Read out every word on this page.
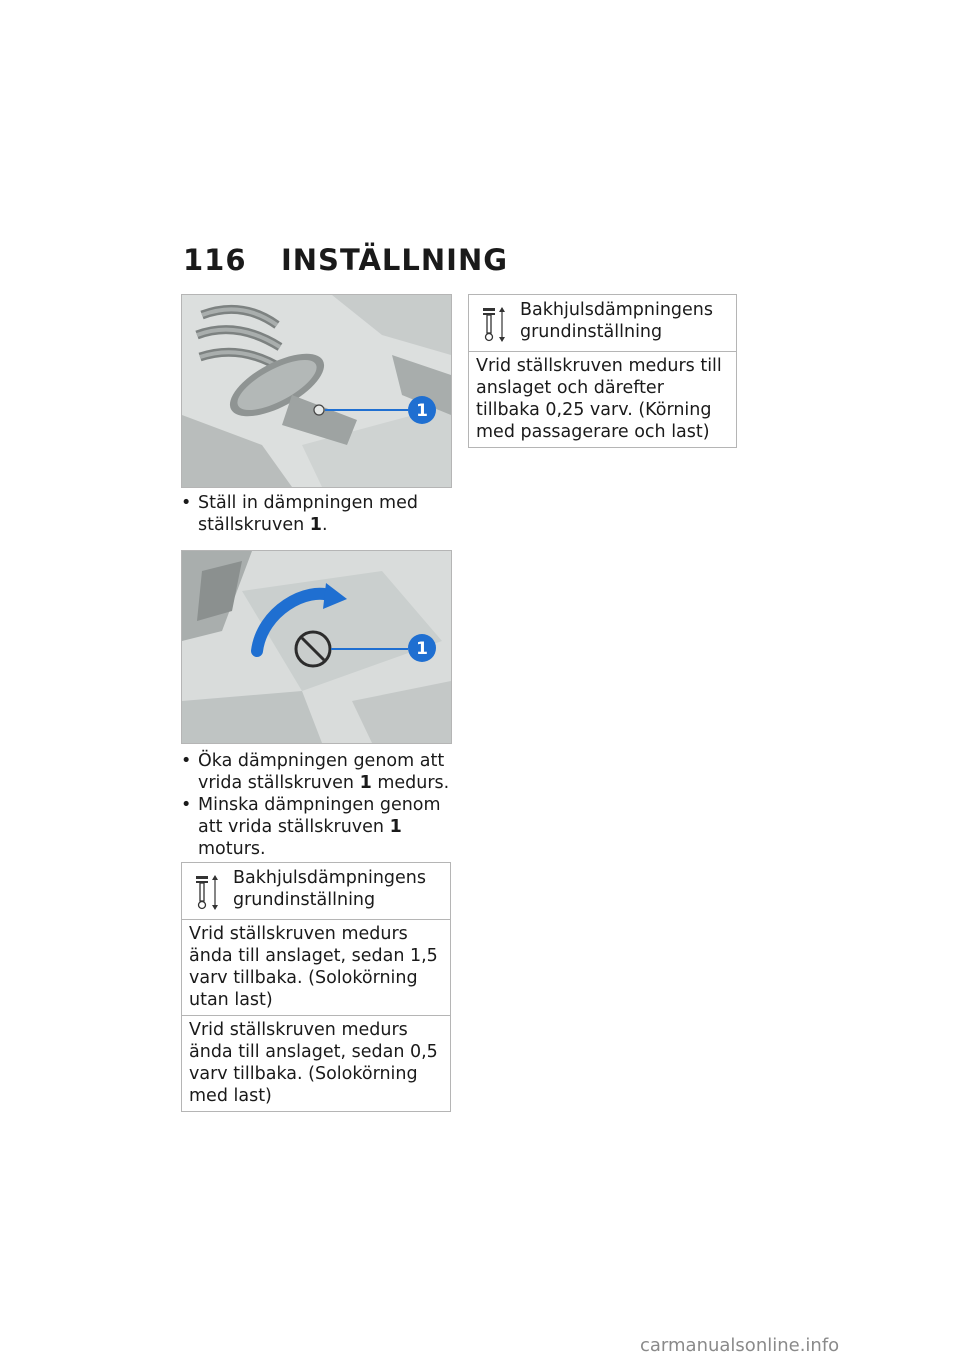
116 INSTÄLLNING
1
• Ställ in dämpningen med ställskruven 1.
1
• Öka dämpningen genom att vrida ställskruven 1 medurs.
• Minska dämpningen genom att vrida ställskruven 1 moturs.
Bakhjulsdämpningens
grundinställning
Vrid ställskruven medurs ända till anslaget, sedan 1,5 varv tillbaka. (Solokörning utan last)
Vrid ställskruven medurs ända till anslaget, sedan 0,5 varv tillbaka. (Solokörning med last)
Bakhjulsdämpningens
grundinställning
Vrid ställskruven medurs till anslaget och därefter tillbaka 0,25 varv. (Körning med passagerare och last)
carmanualsonline.info
